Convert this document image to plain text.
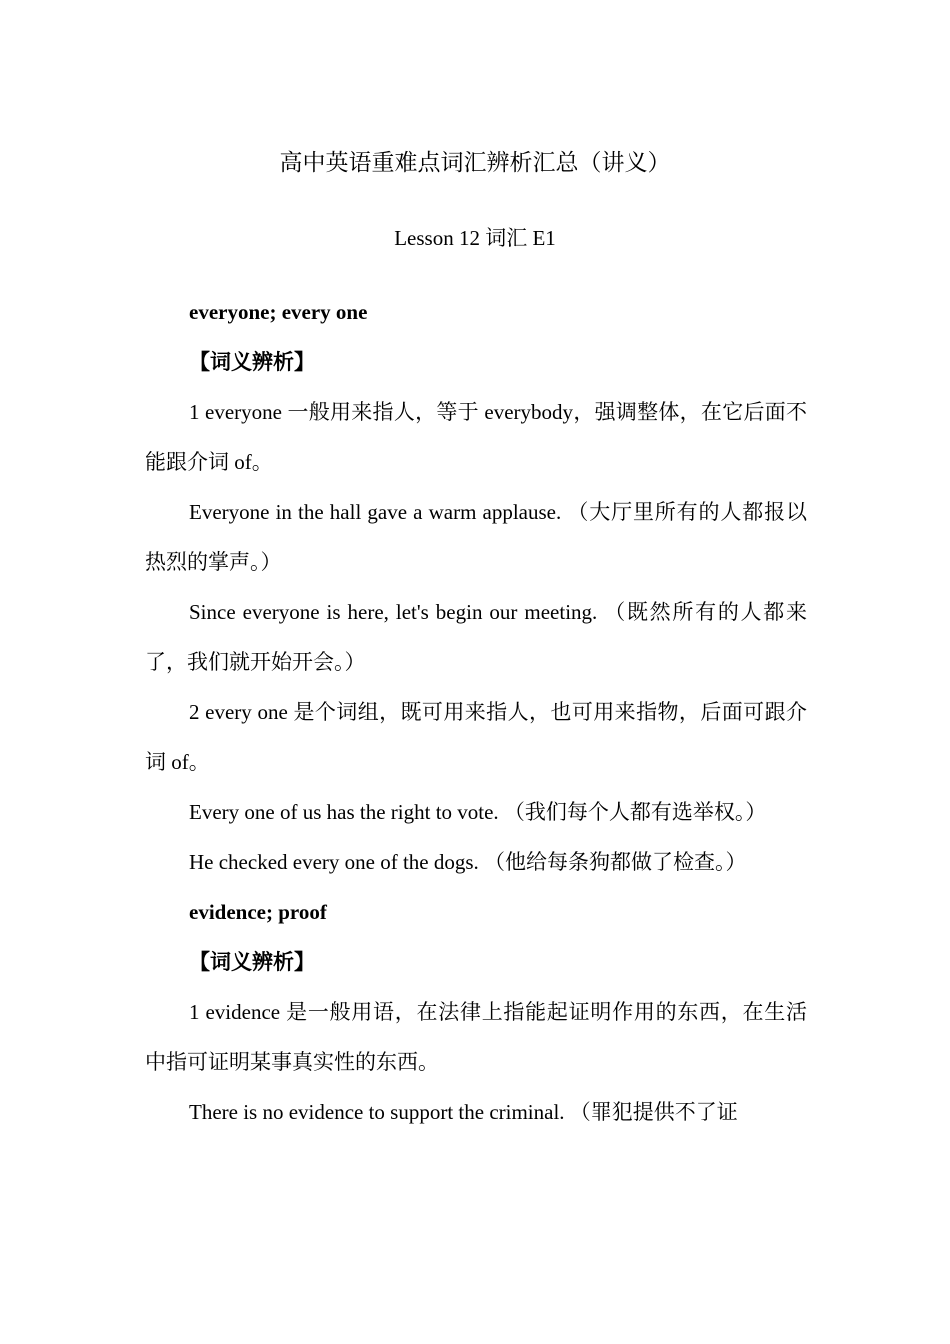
高中英语重难点词汇辨析汇总（讲义）
Lesson 12 词汇 E1

everyone; every one

【词义辨析】

1 everyone 一般用来指人，等于 everybody，强调整体，在它后面不能跟介词 of。

Everyone in the hall gave a warm applause. （大厅里所有的人都报以热烈的掌声。）

Since everyone is here, let's begin our meeting. （既然所有的人都来了，我们就开始开会。）

2 every one 是个词组，既可用来指人，也可用来指物，后面可跟介词 of。

Every one of us has the right to vote. （我们每个人都有选举权。）

He checked every one of the dogs. （他给每条狗都做了检查。）

evidence; proof

【词义辨析】

1 evidence 是一般用语，在法律上指能起证明作用的东西，在生活中指可证明某事真实性的东西。

There is no evidence to support the criminal. （罪犯提供不了证
